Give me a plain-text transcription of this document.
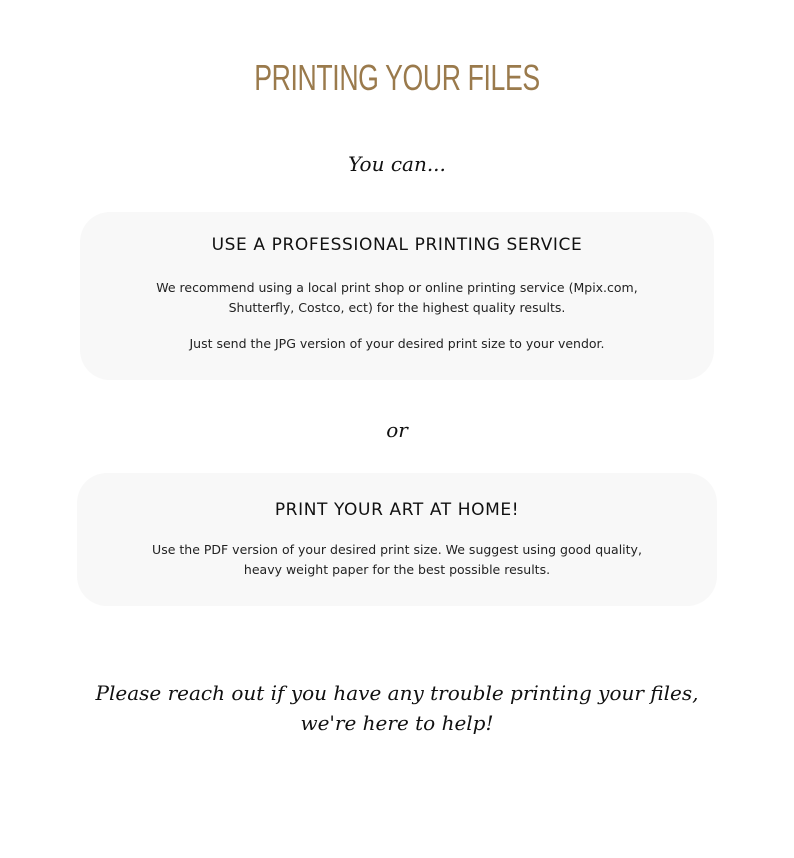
PRINTING YOUR FILES

You can...

USE A PROFESSIONAL PRINTING SERVICE

We recommend using a local print shop or online printing service (Mpix.com,
Shutterfly, Costco, ect) for the highest quality results.

Just send the JPG version of your desired print size to your vendor.

or

PRINT YOUR ART AT HOME!

Use the PDF version of your desired print size. We suggest using good quality,
heavy weight paper for the best possible results.

Please reach out if you have any trouble printing your files,
we're here to help!
